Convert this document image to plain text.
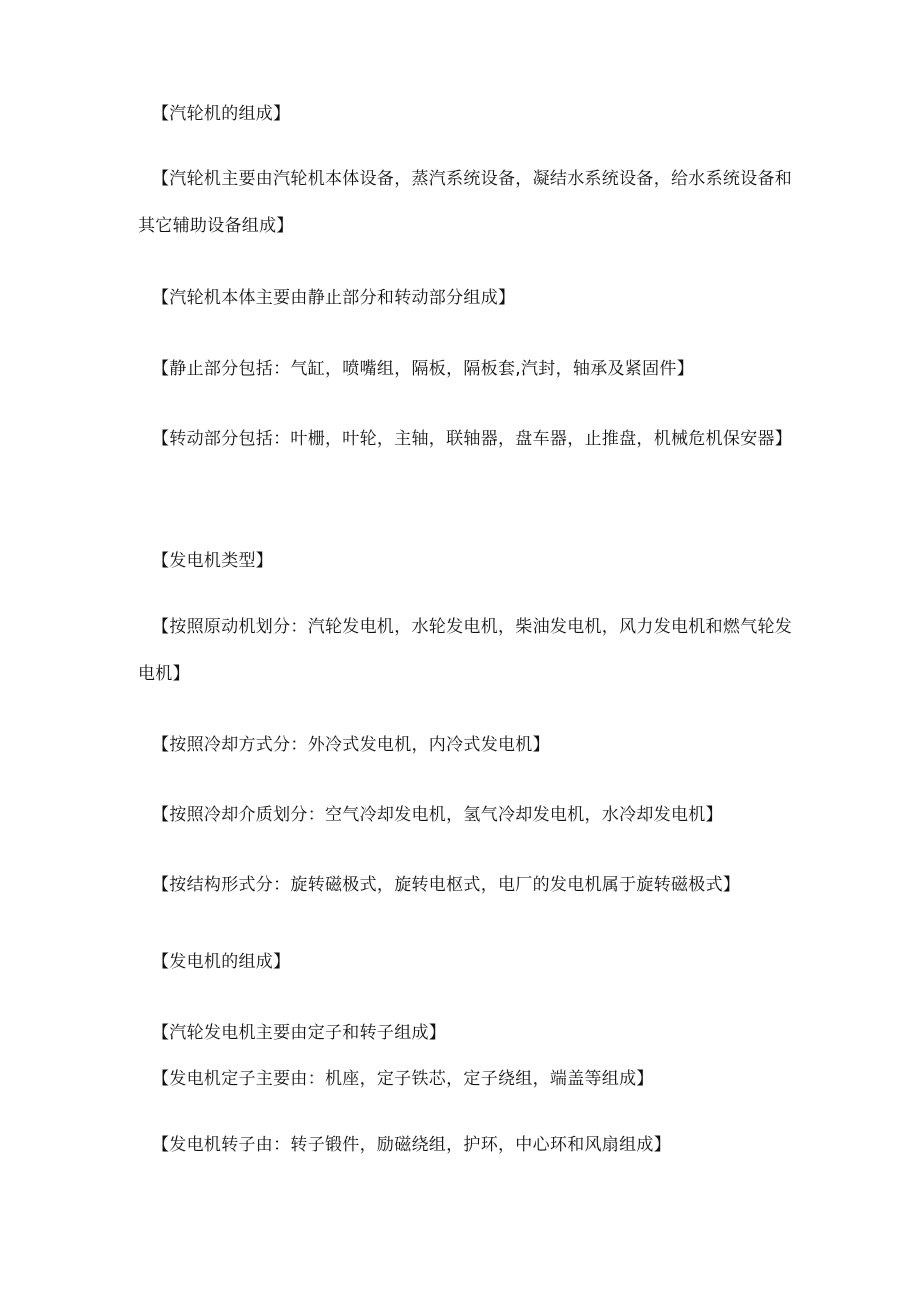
【汽轮机的组成】

【汽轮机主要由汽轮机本体设备，蒸汽系统设备，凝结水系统设备，给水系统设备和其它辅助设备组成】

【汽轮机本体主要由静止部分和转动部分组成】

【静止部分包括：气缸，喷嘴组，隔板，隔板套,汽封，轴承及紧固件】

【转动部分包括：叶栅，叶轮，主轴，联轴器，盘车器，止推盘，机械危机保安器】

【发电机类型】

【按照原动机划分：汽轮发电机，水轮发电机，柴油发电机，风力发电机和燃气轮发电机】

【按照冷却方式分：外冷式发电机，内冷式发电机】

【按照冷却介质划分：空气冷却发电机，氢气冷却发电机，水冷却发电机】

【按结构形式分：旋转磁极式，旋转电枢式，电厂的发电机属于旋转磁极式】

【发电机的组成】

【汽轮发电机主要由定子和转子组成】

【发电机定子主要由：机座，定子铁芯，定子绕组，端盖等组成】

【发电机转子由：转子锻件，励磁绕组，护环，中心环和风扇组成】
